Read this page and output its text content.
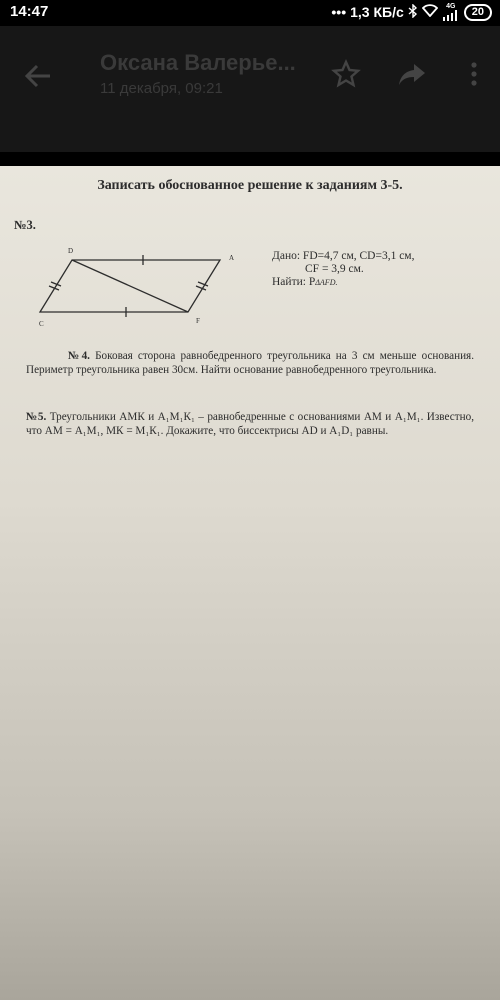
14:47	••• 1,3 КБ/с	4G	20
Оксана Валерье...
11 декабря, 09:21
Записать обоснованное решение к заданиям 3-5.
№3.
D
A
C	F
Дано: FD=4,7 см, CD=3,1 см,
CF = 3,9 см.
Найти: PΔAFD.
№4. Боковая сторона равнобедренного треугольника на 3 см меньше основания. Периметр треугольника равен 30см. Найти основание равнобедренного треугольника.
№5. Треугольники АМК и А₁М₁К₁ – равнобедренные с основаниями АМ и А₁М₁. Известно, что АМ = А₁М₁, МК = М₁К₁. Докажите, что биссектрисы АD и А₁D₁ равны.
